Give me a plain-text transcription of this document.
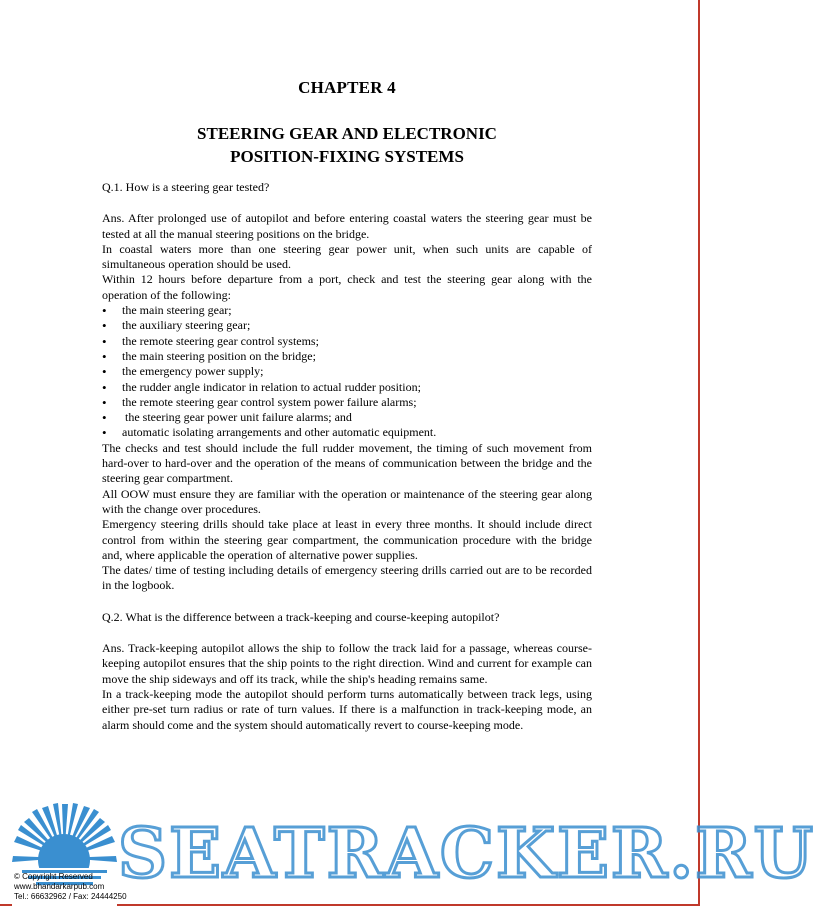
CHAPTER 4
STEERING GEAR AND ELECTRONIC
POSITION-FIXING SYSTEMS

Q.1. How is a steering gear tested?

Ans. After prolonged use of autopilot and before entering coastal waters the steering gear must be tested at all the manual steering positions on the bridge.

In coastal waters more than one steering gear power unit, when such units are capable of simultaneous operation should be used.

Within 12 hours before departure from a port, check and test the steering gear along with the operation of the following:

• the main steering gear;
• the auxiliary steering gear;
• the remote steering gear control systems;
• the main steering position on the bridge;
• the emergency power supply;
• the rudder angle indicator in relation to actual rudder position;
• the remote steering gear control system power failure alarms;
•  the steering gear power unit failure alarms; and
• automatic isolating arrangements and other automatic equipment.

The checks and test should include the full rudder movement, the timing of such movement from hard-over to hard-over and the operation of the means of communication between the bridge and the steering gear compartment.

All OOW must ensure they are familiar with the operation or maintenance of the steering gear along with the change over procedures.

Emergency steering drills should take place at least in every three months. It should include direct control from within the steering gear compartment, the communication procedure with the bridge and, where applicable the operation of alternative power supplies.

The dates/ time of testing including details of emergency steering drills carried out are to be recorded in the logbook.

Q.2. What is the difference between a track-keeping and course-keeping autopilot?

Ans. Track-keeping autopilot allows the ship to follow the track laid for a passage, whereas course-keeping autopilot ensures that the ship points to the right direction. Wind and current for example can move the ship sideways and off its track, while the ship's heading remains same.

In a track-keeping mode the autopilot should perform turns automatically between track legs, using either pre-set turn radius or rate of turn values. If there is a malfunction in track-keeping mode, an alarm should come and the system should automatically revert to course-keeping mode.

SEATRACKER.RU
© Copyright Reserved
www.bhandarkarpub.com
Tel.: 66632962 / Fax: 24444250
